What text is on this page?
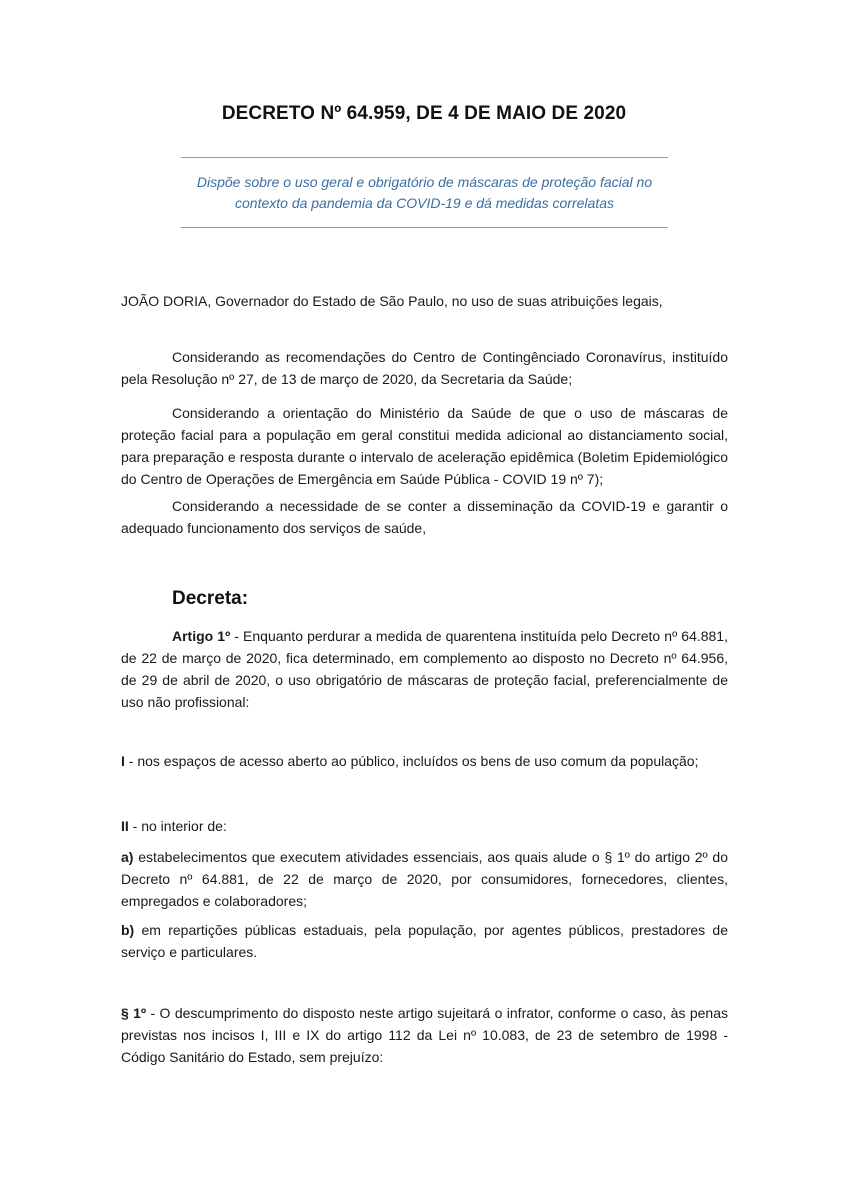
DECRETO Nº 64.959, DE 4 DE MAIO DE 2020
Dispõe sobre o uso geral e obrigatório de máscaras de proteção facial no
contexto da pandemia da COVID-19 e dá medidas correlatas

JOÃO DORIA, Governador do Estado de São Paulo, no uso de suas atribuições legais,

Considerando as recomendações do Centro de Contingênciado Coronavírus, instituído pela Resolução nº 27, de 13 de março de 2020, da Secretaria da Saúde;

Considerando a orientação do Ministério da Saúde de que o uso de máscaras de proteção facial para a população em geral constitui medida adicional ao distanciamento social, para preparação e resposta durante o intervalo de aceleração epidêmica (Boletim Epidemiológico do Centro de Operações de Emergência em Saúde Pública - COVID 19 nº 7);

Considerando a necessidade de se conter a disseminação da COVID-19 e garantir o adequado funcionamento dos serviços de saúde,

Decreta:

Artigo 1º - Enquanto perdurar a medida de quarentena instituída pelo Decreto nº 64.881, de 22 de março de 2020, fica determinado, em complemento ao disposto no Decreto nº 64.956, de 29 de abril de 2020, o uso obrigatório de máscaras de proteção facial, preferencialmente de uso não profissional:

I - nos espaços de acesso aberto ao público, incluídos os bens de uso comum da população;

II - no interior de:

a) estabelecimentos que executem atividades essenciais, aos quais alude o § 1º do artigo 2º do Decreto nº 64.881, de 22 de março de 2020, por consumidores, fornecedores, clientes, empregados e colaboradores;

b) em repartições públicas estaduais, pela população, por agentes públicos, prestadores de serviço e particulares.

§ 1º - O descumprimento do disposto neste artigo sujeitará o infrator, conforme o caso, às penas previstas nos incisos I, III e IX do artigo 112 da Lei nº 10.083, de 23 de setembro de 1998 - Código Sanitário do Estado, sem prejuízo:
